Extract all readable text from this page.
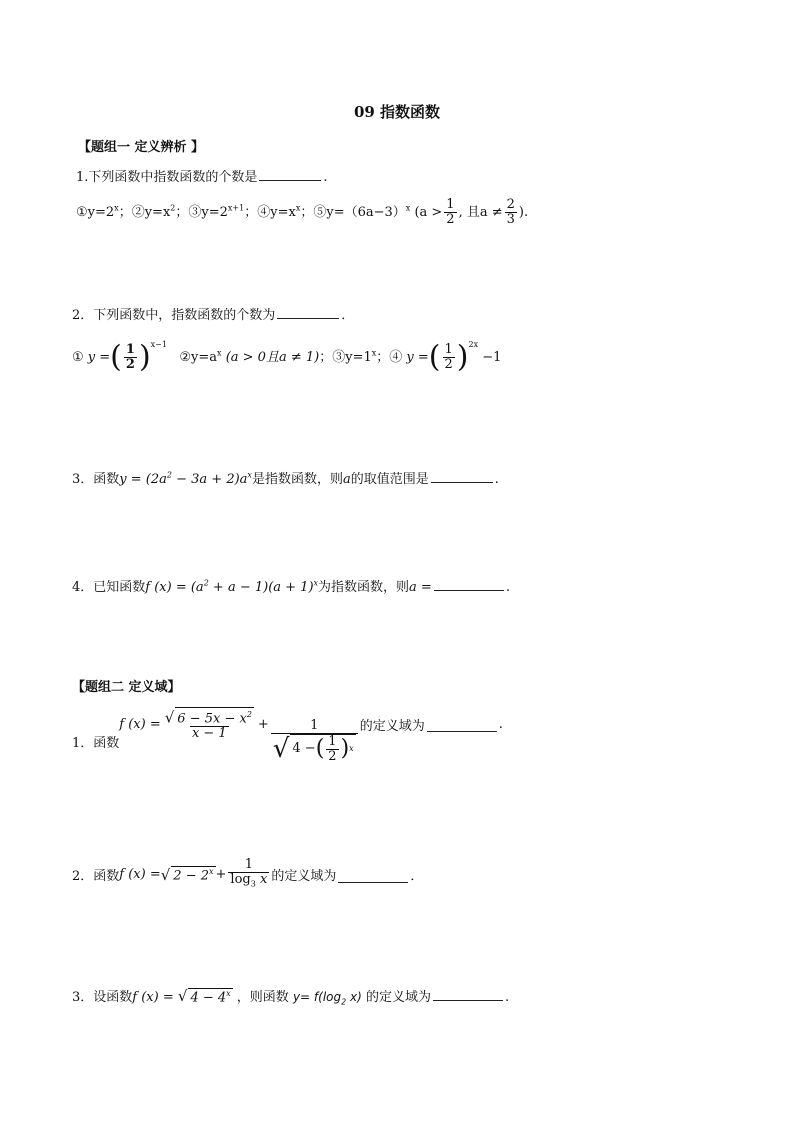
09 指数函数
【题组一 定义辨析 】
1.下列函数中指数函数的个数是	.
$①y=2^x$；$②y=x^2$；$③y=2^{x+1}$；$④y=x^x$；$⑤y=(6a-3)^x$ ($a > \frac{1}{2}$ , 且$a \ne \frac{2}{3}$ ).
2．下列函数中，指数函数的个数为	．
① y =( $\frac{1}{2} )^{x-1}$   $②y=a^x$ (a > 0且a ≠ 1)；$③y=1^x$；④ y =( $\frac{1}{2} )^{2x} -1$
3．函数$y = (2a^2 - 3a + 2)a^x$是指数函数，则a的取值范围是	.
4．已知函数f $(x) = (a^2 + a - 1)(a + 1)^x$为指数函数，则a =	.
【题组二 定义域】
1．函数
f $(x) = \frac{√ 6 - 5x - x^2}{x - 1} + \frac{1}{√ 4 - ( \frac{1}{2} ) x}$ 的定义域为	.
2．函数 f (x) = √ $2 - 2^x + \frac{1}{\log_3 x}$ 的定义域为	．
3．设函数f (x) = √ $4 - 4^x$ ，则函数 $y= f(\log_2$ x) 的定义域为	.
